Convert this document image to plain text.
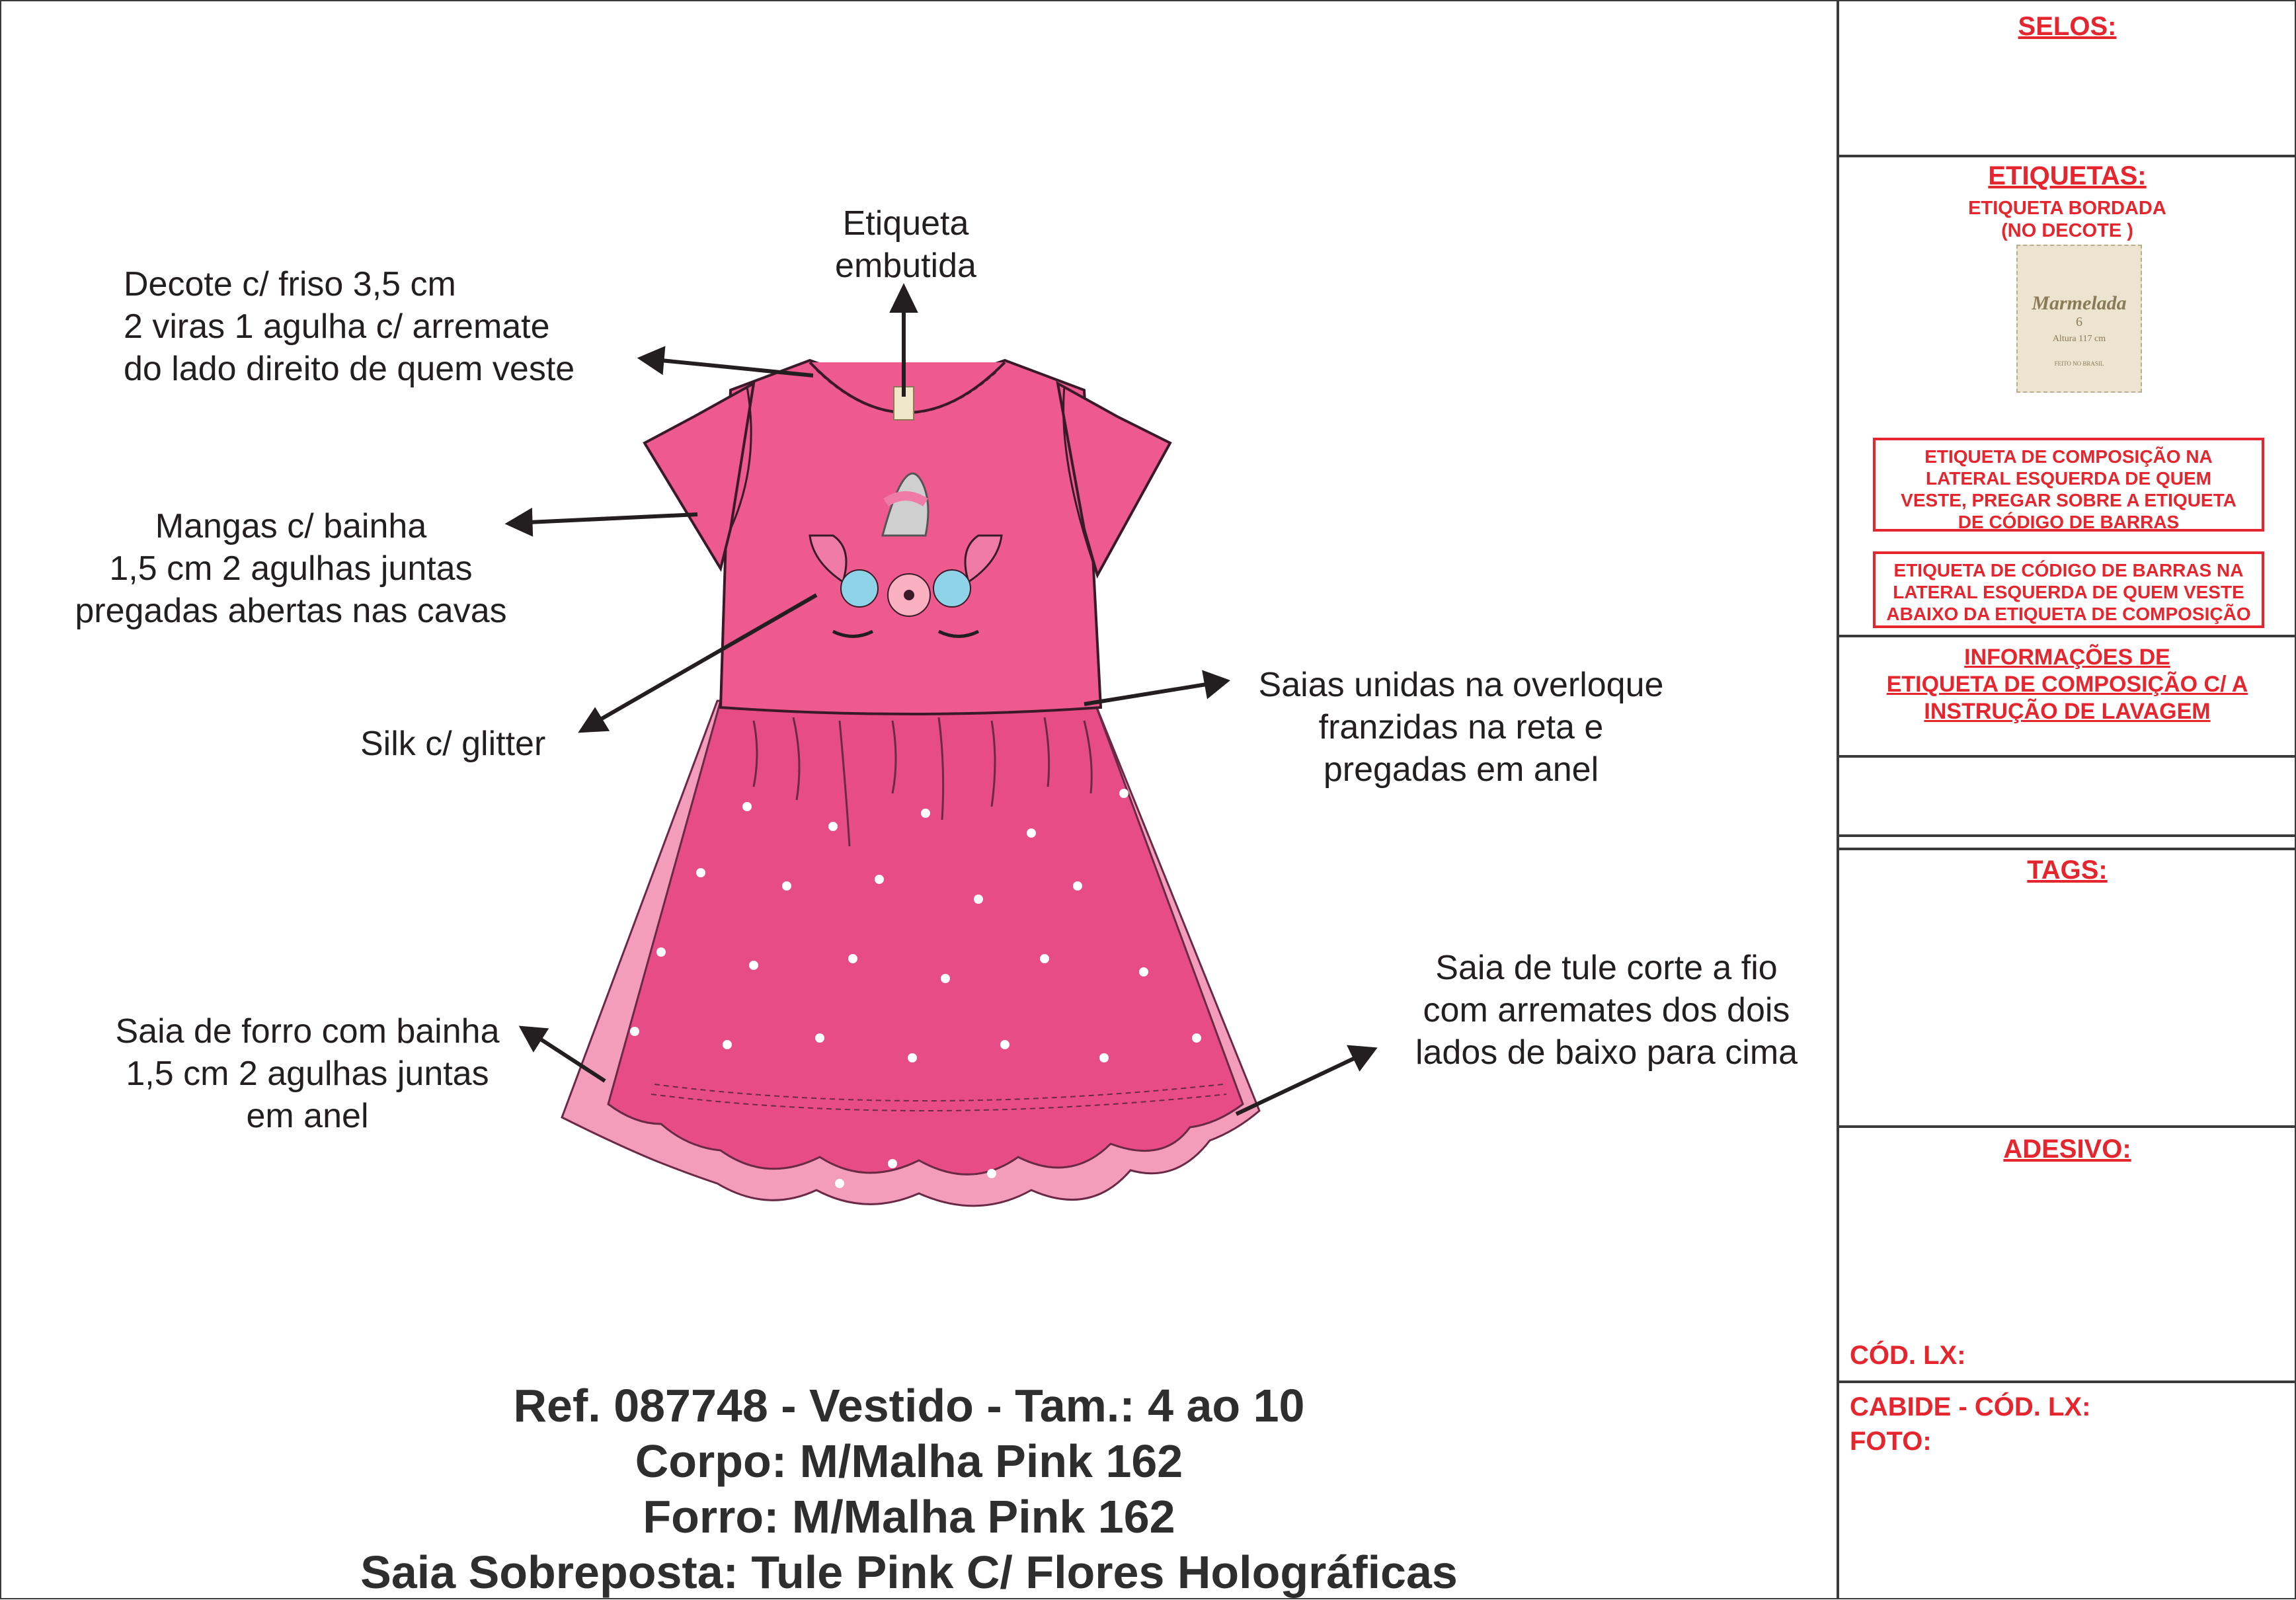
Etiqueta
embutida
Decote c/ friso 3,5 cm
2 viras 1 agulha c/ arremate
do lado direito de quem veste
Mangas c/ bainha
1,5 cm 2 agulhas juntas
pregadas abertas nas cavas
Silk c/ glitter
Saias unidas na overloque
franzidas na reta e
pregadas em anel
Saia de forro com bainha
1,5 cm 2 agulhas juntas
em anel
Saia de tule corte a fio
com arremates dos dois
lados de baixo para cima
Ref. 087748 - Vestido - Tam.: 4 ao 10
Corpo: M/Malha Pink 162
Forro: M/Malha Pink 162
Saia Sobreposta: Tule Pink C/ Flores Holográficas
SELOS:
ETIQUETAS:
ETIQUETA BORDADA
(NO DECOTE )
Marmelada
6
Altura 117 cm
FEITO NO BRASIL
ETIQUETA DE COMPOSIÇÃO NA
LATERAL ESQUERDA DE QUEM
VESTE, PREGAR SOBRE A ETIQUETA
DE CÓDIGO DE BARRAS
ETIQUETA DE CÓDIGO DE BARRAS NA
LATERAL ESQUERDA DE QUEM VESTE
ABAIXO DA ETIQUETA DE COMPOSIÇÃO
INFORMAÇÕES DE
ETIQUETA DE COMPOSIÇÃO C/ A
INSTRUÇÃO DE LAVAGEM
TAGS:
ADESIVO:
CÓD. LX:
CABIDE - CÓD. LX:
FOTO:
